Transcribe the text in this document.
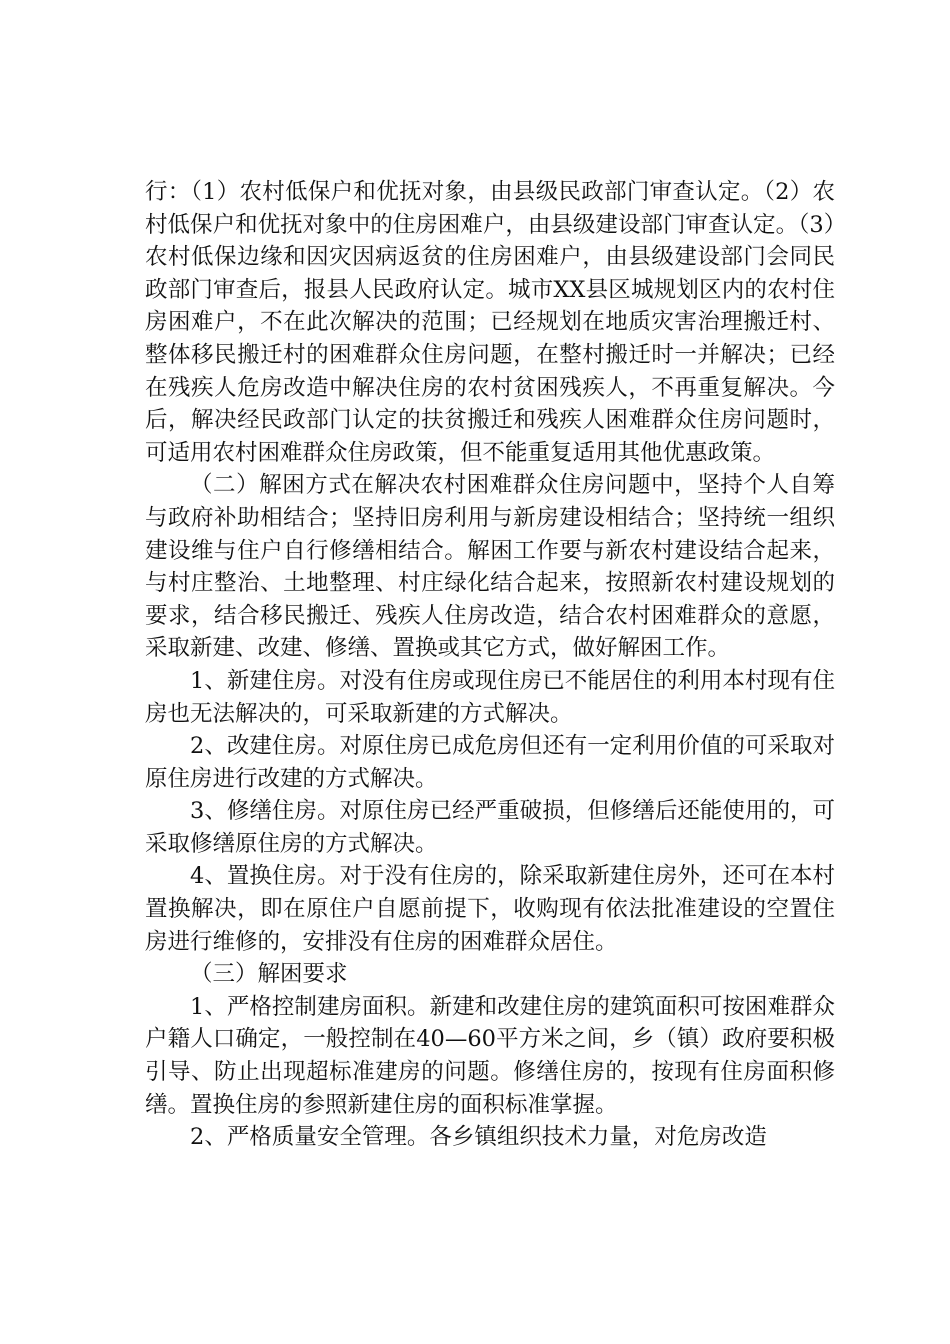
行：（1）农村低保户和优抚对象，由县级民政部门审查认定。（2）农村低保户和优抚对象中的住房困难户，由县级建设部门审查认定。（3）农村低保边缘和因灾因病返贫的住房困难户，由县级建设部门会同民政部门审查后，报县人民政府认定。城市XX县区城规划区内的农村住房困难户，不在此次解决的范围；已经规划在地质灾害治理搬迁村、整体移民搬迁村的困难群众住房问题，在整村搬迁时一并解决；已经在残疾人危房改造中解决住房的农村贫困残疾人，不再重复解决。今后，解决经民政部门认定的扶贫搬迁和残疾人困难群众住房问题时，可适用农村困难群众住房政策，但不能重复适用其他优惠政策。

（二）解困方式在解决农村困难群众住房问题中，坚持个人自筹与政府补助相结合；坚持旧房利用与新房建设相结合；坚持统一组织建设维与住户自行修缮相结合。解困工作要与新农村建设结合起来，与村庄整治、土地整理、村庄绿化结合起来，按照新农村建设规划的要求，结合移民搬迁、残疾人住房改造，结合农村困难群众的意愿，采取新建、改建、修缮、置换或其它方式，做好解困工作。

1、新建住房。对没有住房或现住房已不能居住的利用本村现有住房也无法解决的，可采取新建的方式解决。

2、改建住房。对原住房已成危房但还有一定利用价值的可采取对原住房进行改建的方式解决。

3、修缮住房。对原住房已经严重破损，但修缮后还能使用的，可采取修缮原住房的方式解决。

4、置换住房。对于没有住房的，除采取新建住房外，还可在本村置换解决，即在原住户自愿前提下，收购现有依法批准建设的空置住房进行维修的，安排没有住房的困难群众居住。

（三）解困要求

1、严格控制建房面积。新建和改建住房的建筑面积可按困难群众户籍人口确定，一般控制在40—60平方米之间，乡（镇）政府要积极引导、防止出现超标准建房的问题。修缮住房的，按现有住房面积修缮。置换住房的参照新建住房的面积标准掌握。

2、严格质量安全管理。各乡镇组织技术力量，对危房改造
